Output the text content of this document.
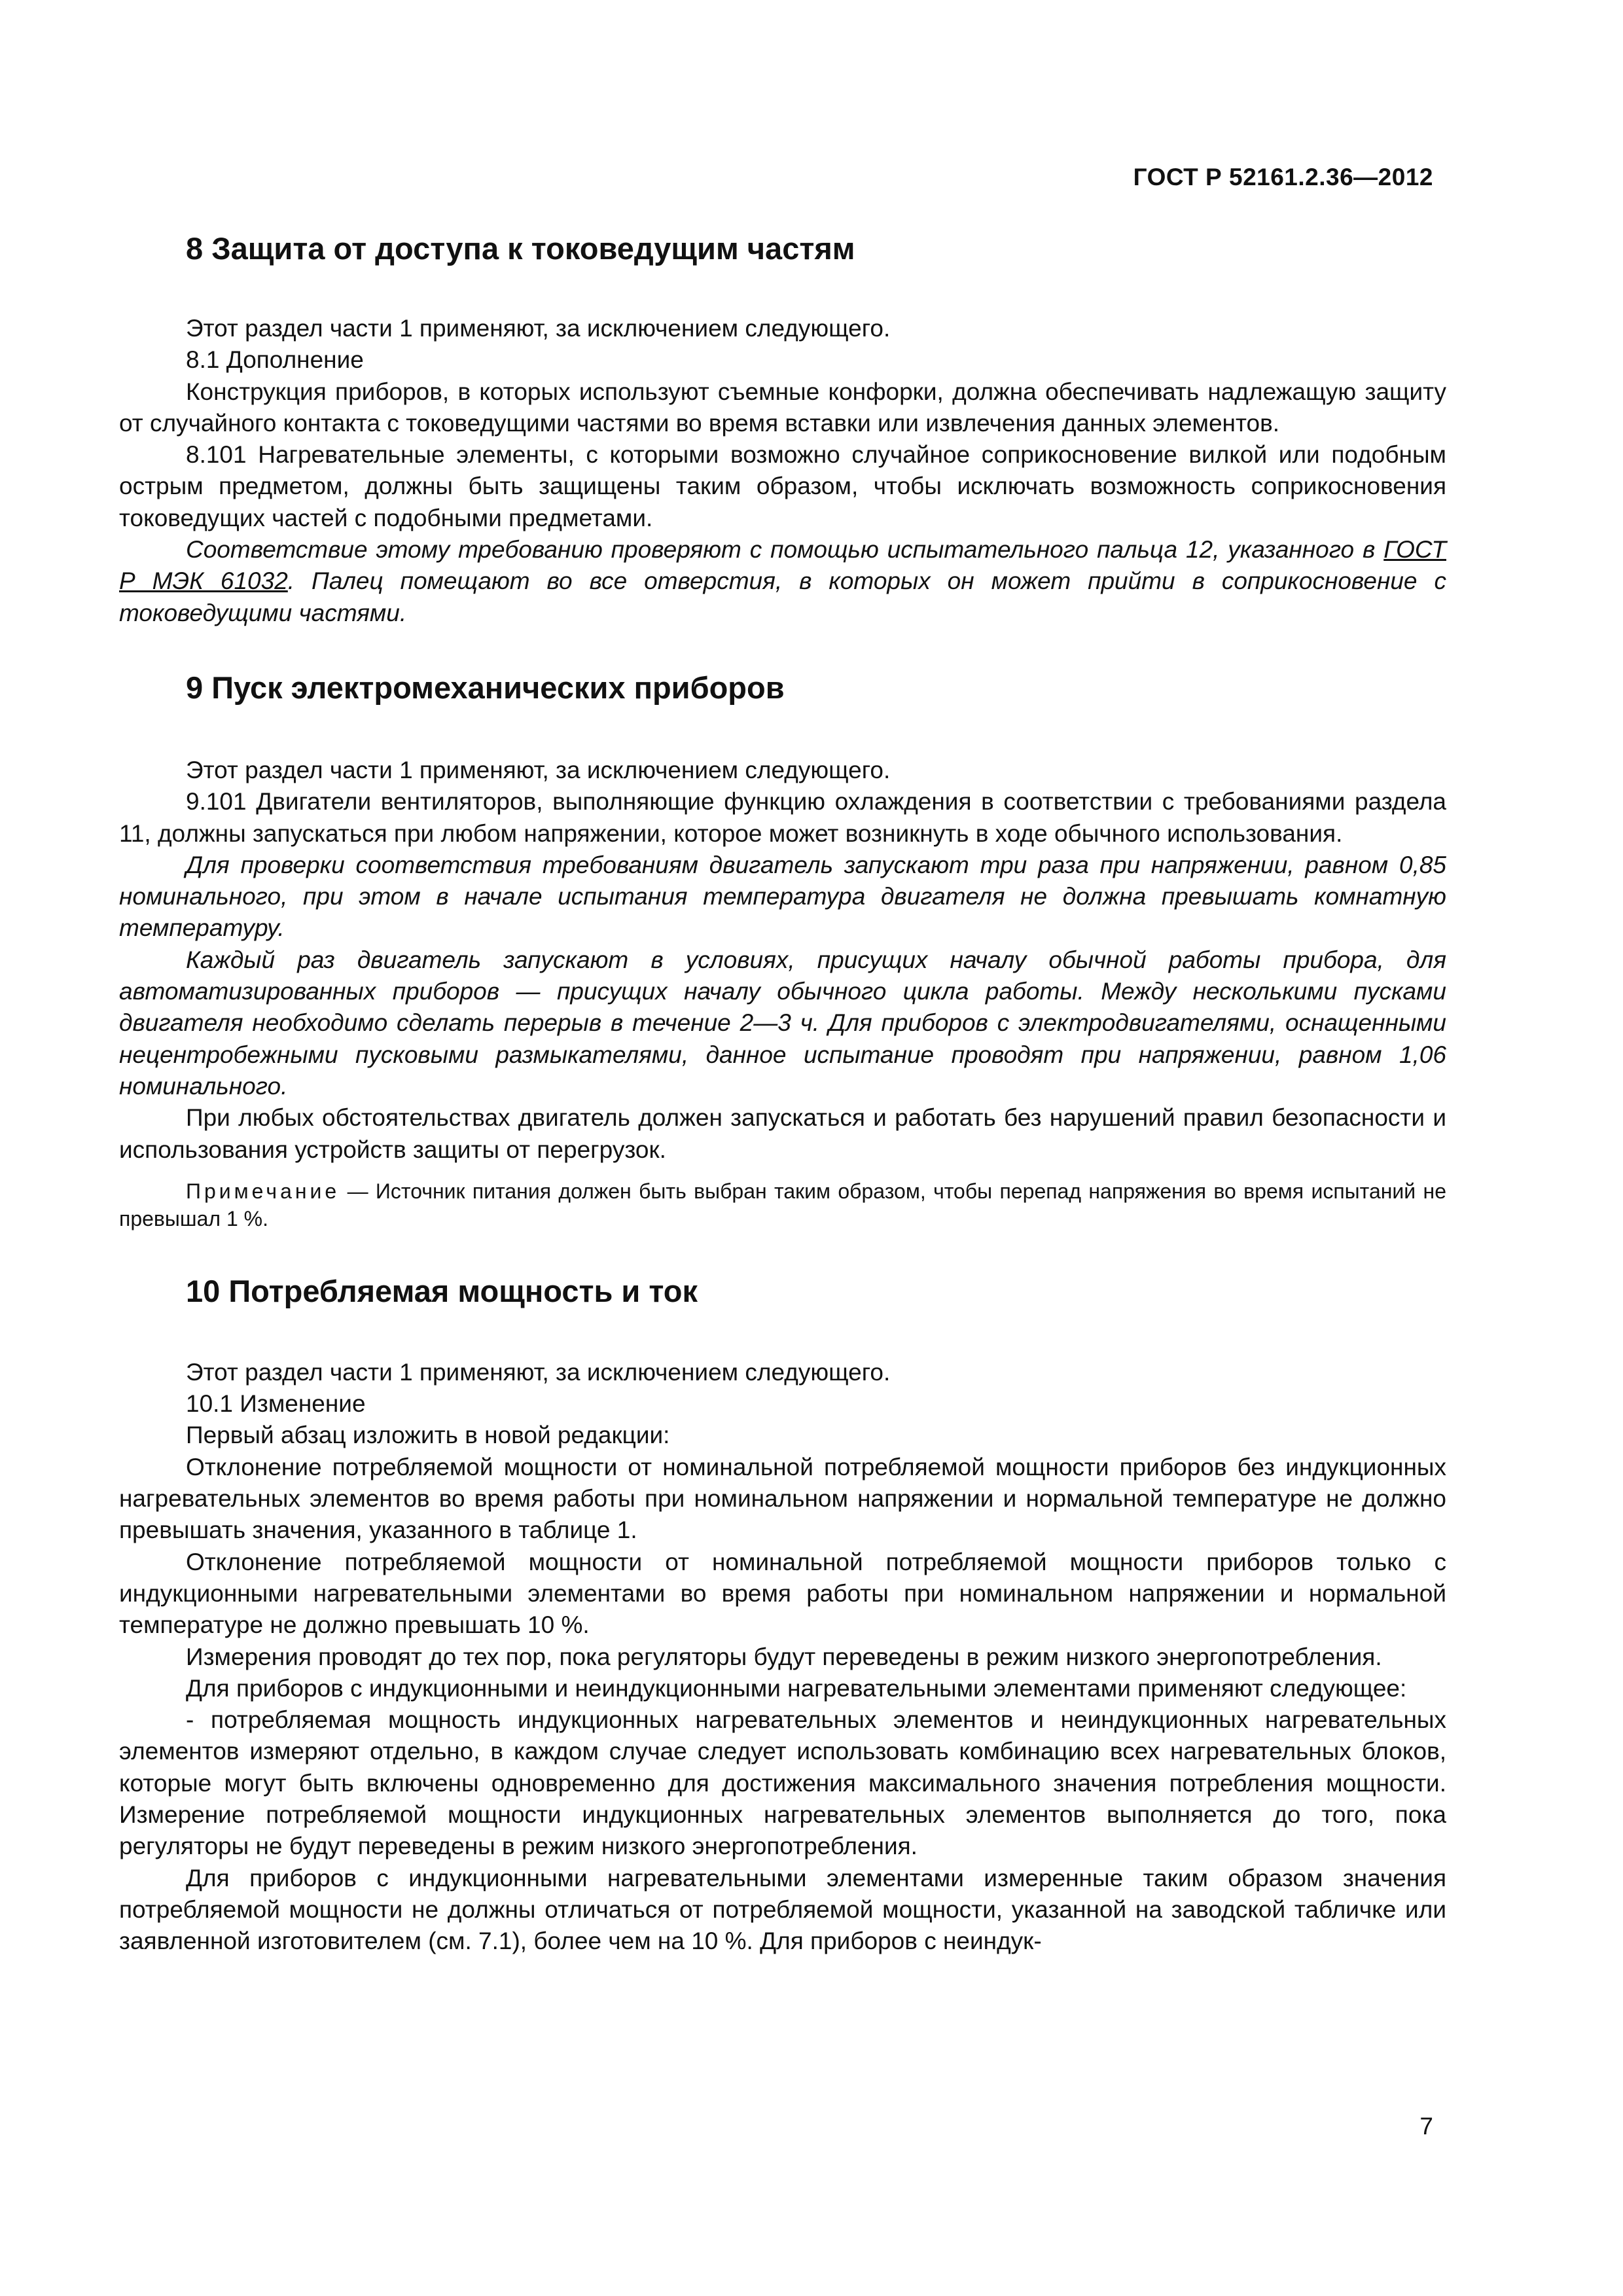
ГОСТ Р 52161.2.36—2012
8 Защита от доступа к токоведущим частям

Этот раздел части 1 применяют, за исключением следующего.

8.1 Дополнение

Конструкция приборов, в которых используют съемные конфорки, должна обеспечивать надлежащую защиту от случайного контакта с токоведущими частями во время вставки или извлечения данных элементов.

8.101 Нагревательные элементы, с которыми возможно случайное соприкосновение вилкой или подобным острым предметом, должны быть защищены таким образом, чтобы исключать возможность соприкосновения токоведущих частей с подобными предметами.

Соответствие этому требованию проверяют с помощью испытательного пальца 12, указанного в ГОСТ Р МЭК 61032. Палец помещают во все отверстия, в которых он может прийти в соприкосновение с токоведущими частями.

9 Пуск электромеханических приборов

Этот раздел части 1 применяют, за исключением следующего.

9.101 Двигатели вентиляторов, выполняющие функцию охлаждения в соответствии с требованиями раздела 11, должны запускаться при любом напряжении, которое может возникнуть в ходе обычного использования.

Для проверки соответствия требованиям двигатель запускают три раза при напряжении, равном 0,85 номинального, при этом в начале испытания температура двигателя не должна превышать комнатную температуру.

Каждый раз двигатель запускают в условиях, присущих началу обычной работы прибора, для автоматизированных приборов — присущих началу обычного цикла работы. Между несколькими пусками двигателя необходимо сделать перерыв в течение 2—3 ч. Для приборов с электродвигателями, оснащенными нецентробежными пусковыми размыкателями, данное испытание проводят при напряжении, равном 1,06 номинального.

При любых обстоятельствах двигатель должен запускаться и работать без нарушений правил безопасности и использования устройств защиты от перегрузок.

Примечание — Источник питания должен быть выбран таким образом, чтобы перепад напряжения во время испытаний не превышал 1 %.

10 Потребляемая мощность и ток

Этот раздел части 1 применяют, за исключением следующего.

10.1 Изменение

Первый абзац изложить в новой редакции:

Отклонение потребляемой мощности от номинальной потребляемой мощности приборов без индукционных нагревательных элементов во время работы при номинальном напряжении и нормальной температуре не должно превышать значения, указанного в таблице 1.

Отклонение потребляемой мощности от номинальной потребляемой мощности приборов только с индукционными нагревательными элементами во время работы при номинальном напряжении и нормальной температуре не должно превышать 10 %.

Измерения проводят до тех пор, пока регуляторы будут переведены в режим низкого энергопотребления.

Для приборов с индукционными и неиндукционными нагревательными элементами применяют следующее:

- потребляемая мощность индукционных нагревательных элементов и неиндукционных нагревательных элементов измеряют отдельно, в каждом случае следует использовать комбинацию всех нагревательных блоков, которые могут быть включены одновременно для достижения максимального значения потребления мощности. Измерение потребляемой мощности индукционных нагревательных элементов выполняется до того, пока регуляторы не будут переведены в режим низкого энергопотребления.

Для приборов с индукционными нагревательными элементами измеренные таким образом значения потребляемой мощности не должны отличаться от потребляемой мощности, указанной на заводской табличке или заявленной изготовителем (см. 7.1), более чем на 10 %. Для приборов с неиндук-

7
